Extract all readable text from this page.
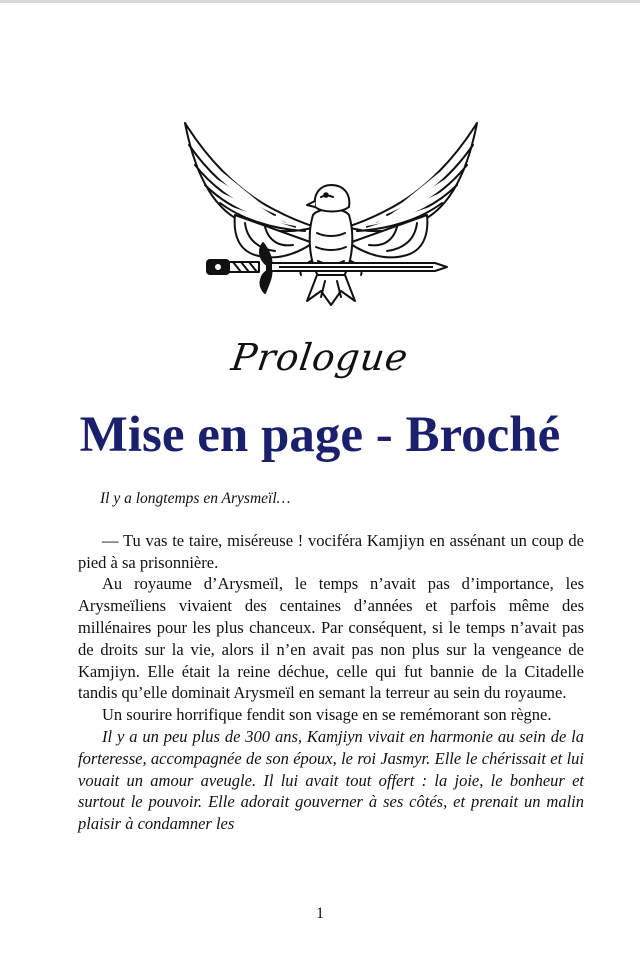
Prologue
Mise en page - Broché

Il y a longtemps en Arysmeïl…

— Tu vas te taire, miséreuse ! vociféra Kamjiyn en assénant un coup de pied à sa prisonnière.

Au royaume d’Arysmeïl, le temps n’avait pas d’importance, les Arysmeïliens vivaient des centaines d’années et parfois même des millénaires pour les plus chanceux. Par conséquent, si le temps n’avait pas de droits sur la vie, alors il n’en avait pas non plus sur la vengeance de Kamjiyn. Elle était la reine déchue, celle qui fut bannie de la Citadelle tandis qu’elle dominait Arysmeïl en semant la terreur au sein du royaume.

Un sourire horrifique fendit son visage en se remémorant son règne.

Il y a un peu plus de 300 ans, Kamjiyn vivait en harmonie au sein de la forteresse, accompagnée de son époux, le roi Jasmyr. Elle le chérissait et lui vouait un amour aveugle. Il lui avait tout offert : la joie, le bonheur et surtout le pouvoir. Elle adorait gouverner à ses côtés, et prenait un malin plaisir à condamner les

1
